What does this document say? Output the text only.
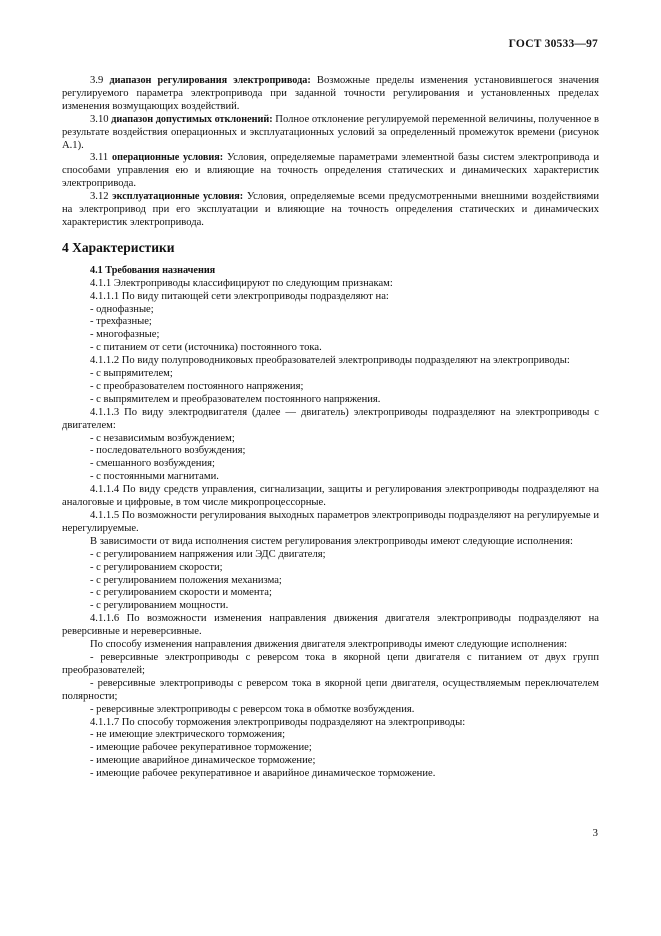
ГОСТ 30533—97

3.9 диапазон регулирования электропривода: Возможные пределы изменения установившегося значения регулируемого параметра электропривода при заданной точности регулирования и установленных пределах изменения возмущающих воздействий.

3.10 диапазон допустимых отклонений: Полное отклонение регулируемой переменной величины, полученное в результате воздействия операционных и эксплуатационных условий за определенный промежуток времени (рисунок А.1).

3.11 операционные условия: Условия, определяемые параметрами элементной базы систем электропривода и способами управления ею и влияющие на точность определения статических и динамических характеристик электропривода.

3.12 эксплуатационные условия: Условия, определяемые всеми предусмотренными внешними воздействиями на электропривод при его эксплуатации и влияющие на точность определения статических и динамических характеристик электропривода.

4 Характеристики

4.1 Требования назначения

4.1.1 Электроприводы классифицируют по следующим признакам:

4.1.1.1 По виду питающей сети электроприводы подразделяют на:

- однофазные;

- трехфазные;

- многофазные;

- с питанием от сети (источника) постоянного тока.

4.1.1.2 По виду полупроводниковых преобразователей электроприводы подразделяют на электроприводы:

- с выпрямителем;

- с преобразователем постоянного напряжения;

- с выпрямителем и преобразователем постоянного напряжения.

4.1.1.3 По виду электродвигателя (далее — двигатель) электроприводы подразделяют на электроприводы с двигателем:

- с независимым возбуждением;

- последовательного возбуждения;

- смешанного возбуждения;

- с постоянными магнитами.

4.1.1.4 По виду средств управления, сигнализации, защиты и регулирования электроприводы подразделяют на аналоговые и цифровые, в том числе микропроцессорные.

4.1.1.5 По возможности регулирования выходных параметров электроприводы подразделяют на регулируемые и нерегулируемые.

В зависимости от вида исполнения систем регулирования электроприводы имеют следующие исполнения:

- с регулированием напряжения или ЭДС двигателя;

- с регулированием скорости;

- с регулированием положения механизма;

- с регулированием скорости и момента;

- с регулированием мощности.

4.1.1.6 По возможности изменения направления движения двигателя электроприводы подразделяют на реверсивные и нереверсивные.

По способу изменения направления движения двигателя электроприводы имеют следующие исполнения:

- реверсивные электроприводы с реверсом тока в якорной цепи двигателя с питанием от двух групп преобразователей;

- реверсивные электроприводы с реверсом тока в якорной цепи двигателя, осуществляемым переключателем полярности;

- реверсивные электроприводы с реверсом тока в обмотке возбуждения.

4.1.1.7 По способу торможения электроприводы подразделяют на электроприводы:

- не имеющие электрического торможения;

- имеющие рабочее рекуперативное торможение;

- имеющие аварийное динамическое торможение;

- имеющие рабочее рекуперативное и аварийное динамическое торможение.

3
